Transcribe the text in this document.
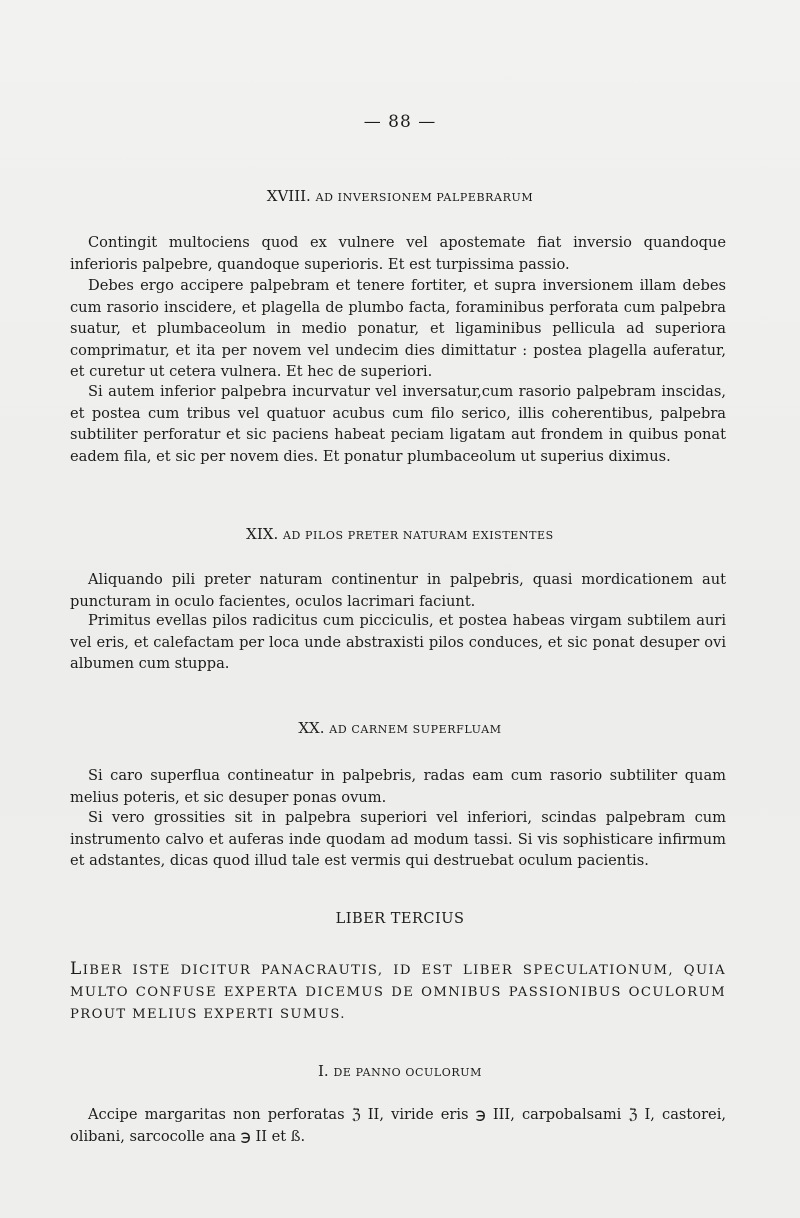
— 88 —
XVIII. AD INVERSIONEM PALPEBRARUM

Contingit multociens quod ex vulnere vel apostemate fiat inversio quandoque inferioris palpebre, quandoque superioris. Et est turpissima passio.

Debes ergo accipere palpebram et tenere fortiter, et supra inversionem illam debes cum rasorio inscidere, et plagella de plumbo facta, foraminibus perforata cum palpebra suatur, et plumbaceolum in medio ponatur, et ligaminibus pellicula ad superiora comprimatur, et ita per novem vel undecim dies dimittatur : postea plagella auferatur, et curetur ut cetera vulnera. Et hec de superiori.

Si autem inferior palpebra incurvatur vel inversatur,cum rasorio palpebram inscidas, et postea cum tribus vel quatuor acubus cum filo serico, illis coherentibus, palpebra subtiliter perforatur et sic paciens habeat peciam ligatam aut frondem in quibus ponat eadem fila, et sic per novem dies. Et ponatur plumbaceolum ut superius diximus.

XIX. AD PILOS PRETER NATURAM EXISTENTES

Aliquando pili preter naturam continentur in palpebris, quasi mordicationem aut puncturam in oculo facientes, oculos lacrimari faciunt.

Primitus evellas pilos radicitus cum picciculis, et postea habeas virgam subtilem auri vel eris, et calefactam per loca unde abstraxisti pilos conduces, et sic ponat desuper ovi albumen cum stuppa.

XX. AD CARNEM SUPERFLUAM

Si caro superflua contineatur in palpebris, radas eam cum rasorio subtiliter quam melius poteris, et sic desuper ponas ovum.

Si vero grossities sit in palpebra superiori vel inferiori, scindas palpebram cum instrumento calvo et auferas inde quodam ad modum tassi. Si vis sophisticare infirmum et adstantes, dicas quod illud tale est vermis qui destruebat oculum pacientis.

LIBER TERCIUS

LIBER ISTE DICITUR PANACRAUTIS, ID EST LIBER SPECULATIONUM, QUIA MULTO CONFUSE EXPERTA DICEMUS DE OMNIBUS PASSIONIBUS OCULORUM PROUT MELIUS EXPERTI SUMUS.

I. DE PANNO OCULORUM

Accipe margaritas non perforatas ℨ II, viride eris ℈ III, carpobalsami ℨ I, castorei, olibani, sarcocolle ana ℈ II et ß.
